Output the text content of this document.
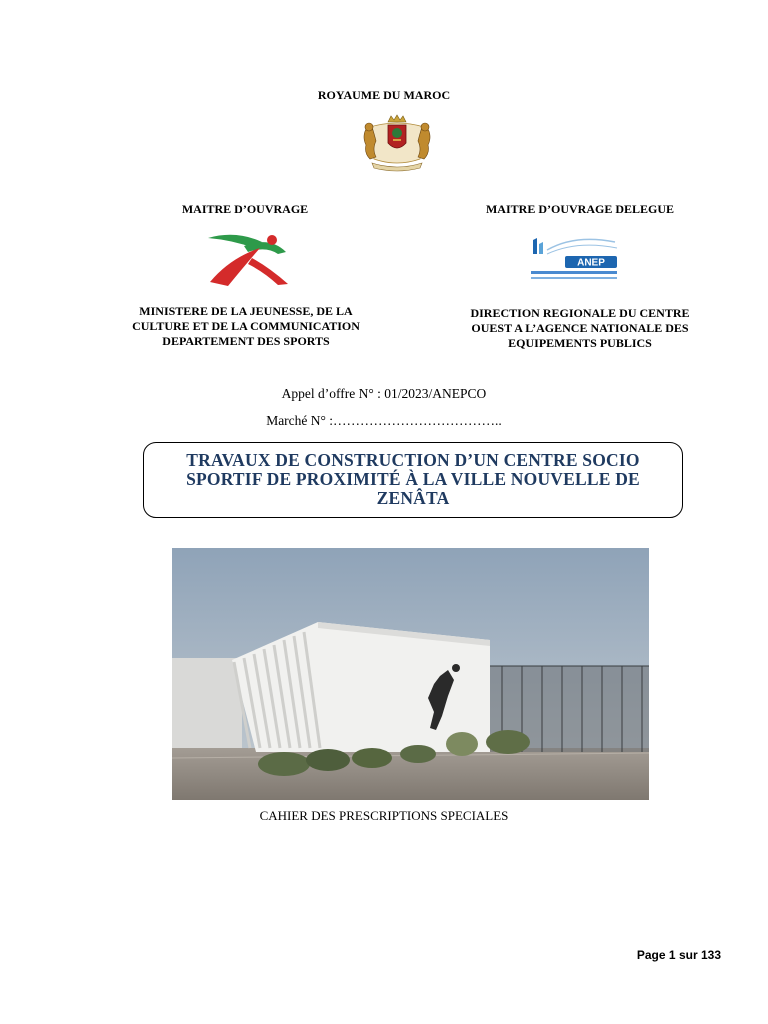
ROYAUME DU MAROC
MAITRE D’OUVRAGE	MAITRE D’OUVRAGE DELEGUE
ANEP
MINISTERE DE LA JEUNESSE, DE LA
CULTURE ET DE LA COMMUNICATION
DEPARTEMENT DES SPORTS
DIRECTION REGIONALE DU CENTRE
OUEST A L’AGENCE NATIONALE DES
EQUIPEMENTS PUBLICS
Appel d’offre N° : 01/2023/ANEPCO
Marché N° :………………………………..
TRAVAUX DE CONSTRUCTION D’UN CENTRE SOCIO
SPORTIF DE PROXIMITÉ À LA VILLE NOUVELLE DE
ZENÂTA
CAHIER DES PRESCRIPTIONS SPECIALES
Page 1 sur 133
